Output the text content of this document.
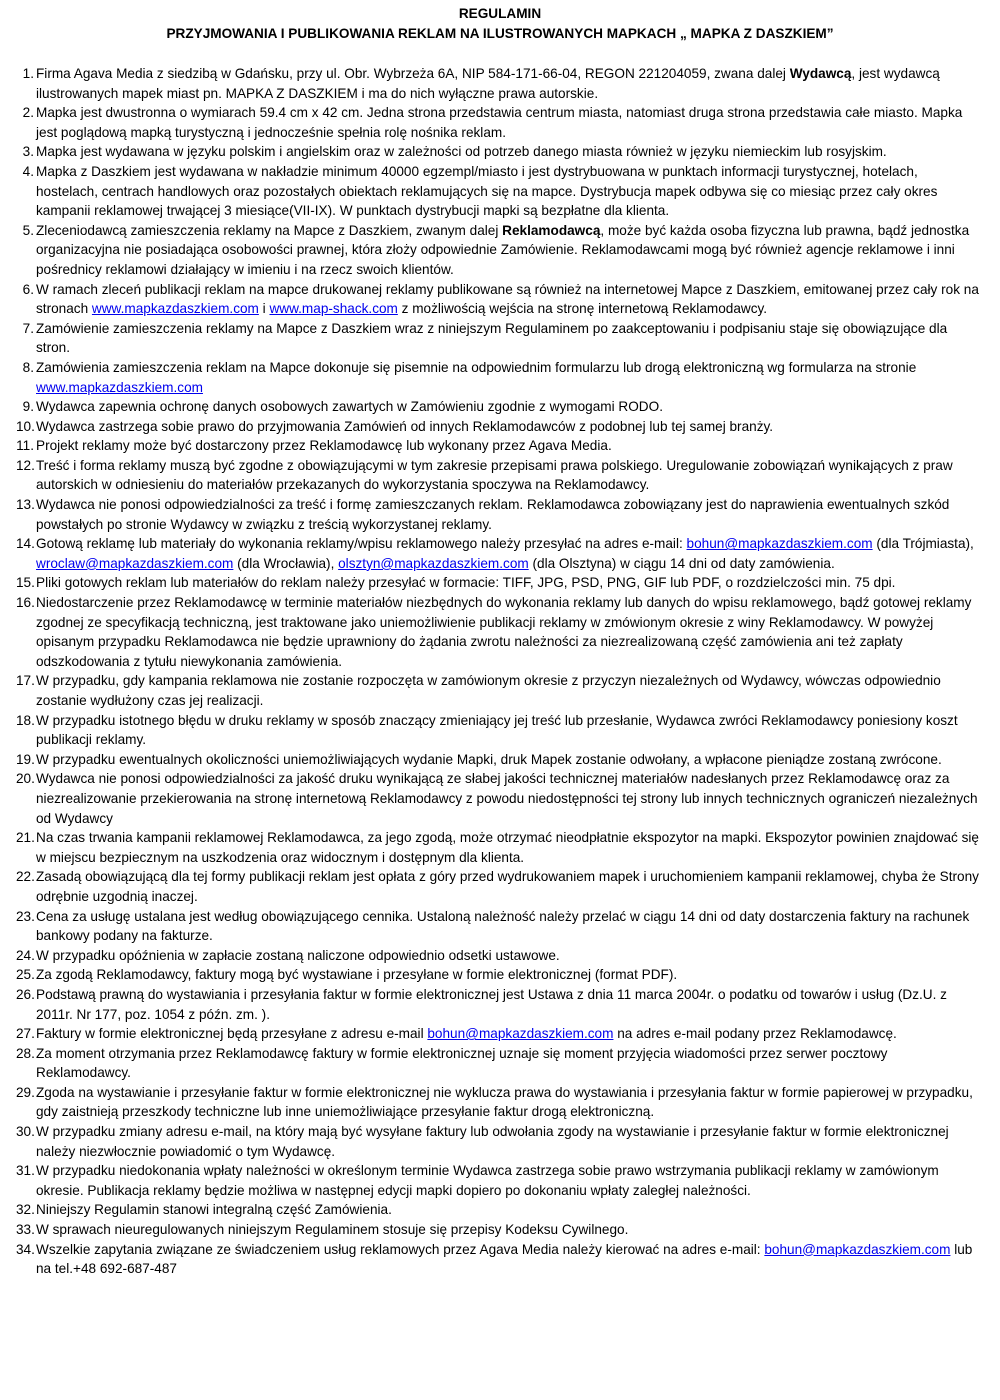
REGULAMIN
PRZYJMOWANIA I PUBLIKOWANIA REKLAM NA ILUSTROWANYCH MAPKACH „ MAPKA Z DASZKIEM”
1. Firma Agava Media z siedzibą w Gdańsku, przy ul. Obr. Wybrzeża 6A, NIP 584-171-66-04, REGON 221204059, zwana dalej Wydawcą, jest wydawcą ilustrowanych mapek miast pn. MAPKA Z DASZKIEM i ma do nich wyłączne prawa autorskie.
2. Mapka jest dwustronna o wymiarach 59.4 cm x 42 cm. Jedna strona przedstawia centrum miasta, natomiast druga strona przedstawia całe miasto. Mapka jest poglądową mapką turystyczną i jednocześnie spełnia rolę nośnika reklam.
3. Mapka jest wydawana w języku polskim i angielskim oraz w zależności od potrzeb danego miasta również w języku niemieckim lub rosyjskim.
4. Mapka z Daszkiem jest wydawana w nakładzie minimum 40000 egzempl/miasto i jest dystrybuowana w punktach informacji turystycznej, hotelach, hostelach, centrach handlowych oraz pozostałych obiektach reklamujących się na mapce. Dystrybucja mapek odbywa się co miesiąc przez cały okres kampanii reklamowej trwającej 3 miesiące(VII-IX). W punktach dystrybucji mapki są bezpłatne dla klienta.
5. Zleceniodawcą zamieszczenia reklamy na Mapce z Daszkiem, zwanym dalej Reklamodawcą, może być każda osoba fizyczna lub prawna, bądź jednostka organizacyjna nie posiadająca osobowości prawnej, która złoży odpowiednie Zamówienie. Reklamodawcami mogą być również agencje reklamowe i inni pośrednicy reklamowi działający w imieniu i na rzecz swoich klientów.
6. W ramach zleceń publikacji reklam na mapce drukowanej reklamy publikowane są również na internetowej Mapce z Daszkiem, emitowanej przez cały rok na stronach www.mapkazdaszkiem.com i www.map-shack.com z możliwością wejścia na stronę internetową Reklamodawcy.
7. Zamówienie zamieszczenia reklamy na Mapce z Daszkiem wraz z niniejszym Regulaminem po zaakceptowaniu i podpisaniu staje się obowiązujące dla stron.
8. Zamówienia zamieszczenia reklam na Mapce dokonuje się pisemnie na odpowiednim formularzu lub drogą elektroniczną wg formularza na stronie www.mapkazdaszkiem.com
9. Wydawca zapewnia ochronę danych osobowych zawartych w Zamówieniu zgodnie z wymogami RODO.
10. Wydawca zastrzega sobie prawo do przyjmowania Zamówień od innych Reklamodawców z podobnej lub tej samej branży.
11. Projekt reklamy może być dostarczony przez Reklamodawcę lub wykonany przez Agava Media.
12. Treść i forma reklamy muszą być zgodne z obowiązującymi w tym zakresie przepisami prawa polskiego. Uregulowanie zobowiązań wynikających z praw autorskich w odniesieniu do materiałów przekazanych do wykorzystania spoczywa na Reklamodawcy.
13. Wydawca nie ponosi odpowiedzialności za treść i formę zamieszczanych reklam. Reklamodawca zobowiązany jest do naprawienia ewentualnych szkód powstałych po stronie Wydawcy w związku z treścią wykorzystanej reklamy.
14. Gotową reklamę lub materiały do wykonania reklamy/wpisu reklamowego należy przesyłać na adres e-mail: bohun@mapkazdaszkiem.com (dla Trójmiasta), wroclaw@mapkazdaszkiem.com (dla Wrocławia), olsztyn@mapkazdaszkiem.com (dla Olsztyna) w ciągu 14 dni od daty zamówienia.
15. Pliki gotowych reklam lub materiałów do reklam należy przesyłać w formacie: TIFF, JPG, PSD, PNG, GIF lub PDF, o rozdzielczości min. 75 dpi.
16. Niedostarczenie przez Reklamodawcę w terminie materiałów niezbędnych do wykonania reklamy lub danych do wpisu reklamowego, bądź gotowej reklamy zgodnej ze specyfikacją techniczną, jest traktowane jako uniemożliwienie publikacji reklamy w zmówionym okresie z winy Reklamodawcy. W powyżej opisanym przypadku Reklamodawca nie będzie uprawniony do żądania zwrotu należności za niezrealizowaną część zamówienia ani też zapłaty odszkodowania z tytułu niewykonania zamówienia.
17. W przypadku, gdy kampania reklamowa nie zostanie rozpoczęta w zamówionym okresie z przyczyn niezależnych od Wydawcy, wówczas odpowiednio zostanie wydłużony czas jej realizacji.
18. W przypadku istotnego błędu w druku reklamy w sposób znaczący zmieniający jej treść lub przesłanie, Wydawca zwróci Reklamodawcy poniesiony koszt publikacji reklamy.
19. W przypadku ewentualnych okoliczności uniemożliwiających wydanie Mapki, druk Mapek zostanie odwołany, a wpłacone pieniądze zostaną zwrócone.
20. Wydawca nie ponosi odpowiedzialności za jakość druku wynikającą ze słabej jakości technicznej materiałów nadesłanych przez Reklamodawcę oraz za niezrealizowanie przekierowania na stronę internetową Reklamodawcy z powodu niedostępności tej strony lub innych technicznych ograniczeń niezależnych od Wydawcy
21. Na czas trwania kampanii reklamowej Reklamodawca, za jego zgodą, może otrzymać nieodpłatnie ekspozytor na mapki. Ekspozytor powinien znajdować się w miejscu bezpiecznym na uszkodzenia oraz widocznym i dostępnym dla klienta.
22. Zasadą obowiązującą dla tej formy publikacji reklam jest opłata z góry przed wydrukowaniem mapek i uruchomieniem kampanii reklamowej, chyba że Strony odrębnie uzgodnią inaczej.
23. Cena za usługę ustalana jest według obowiązującego cennika. Ustaloną należność należy przelać w ciągu 14 dni od daty dostarczenia faktury na rachunek bankowy podany na fakturze.
24. W przypadku opóźnienia w zapłacie zostaną naliczone odpowiednio odsetki ustawowe.
25. Za zgodą Reklamodawcy, faktury mogą być wystawiane i przesyłane w formie elektronicznej (format PDF).
26. Podstawą prawną do wystawiania i przesyłania faktur w formie elektronicznej jest Ustawa z dnia 11 marca 2004r. o podatku od towarów i usług (Dz.U. z 2011r. Nr 177, poz. 1054 z późn. zm. ).
27. Faktury w formie elektronicznej będą przesyłane z adresu e-mail bohun@mapkazdaszkiem.com na adres e-mail podany przez Reklamodawcę.
28. Za moment otrzymania przez Reklamodawcę faktury w formie elektronicznej uznaje się moment przyjęcia wiadomości przez serwer pocztowy Reklamodawcy.
29. Zgoda na wystawianie i przesyłanie faktur w formie elektronicznej nie wyklucza prawa do wystawiania i przesyłania faktur w formie papierowej w przypadku, gdy zaistnieją przeszkody techniczne lub inne uniemożliwiające przesyłanie faktur drogą elektroniczną.
30. W przypadku zmiany adresu e-mail, na który mają być wysyłane faktury lub odwołania zgody na wystawianie i przesyłanie faktur w formie elektronicznej należy niezwłocznie powiadomić o tym Wydawcę.
31. W przypadku niedokonania wpłaty należności w określonym terminie Wydawca zastrzega sobie prawo wstrzymania publikacji reklamy w zamówionym okresie. Publikacja reklamy będzie możliwa w następnej edycji mapki dopiero po dokonaniu wpłaty zaległej należności.
32. Niniejszy Regulamin stanowi integralną część Zamówienia.
33. W sprawach nieuregulowanych niniejszym Regulaminem stosuje się przepisy Kodeksu Cywilnego.
34. Wszelkie zapytania związane ze świadczeniem usług reklamowych przez Agava Media należy kierować na adres e-mail: bohun@mapkazdaszkiem.com lub na tel.+48 692-687-487
